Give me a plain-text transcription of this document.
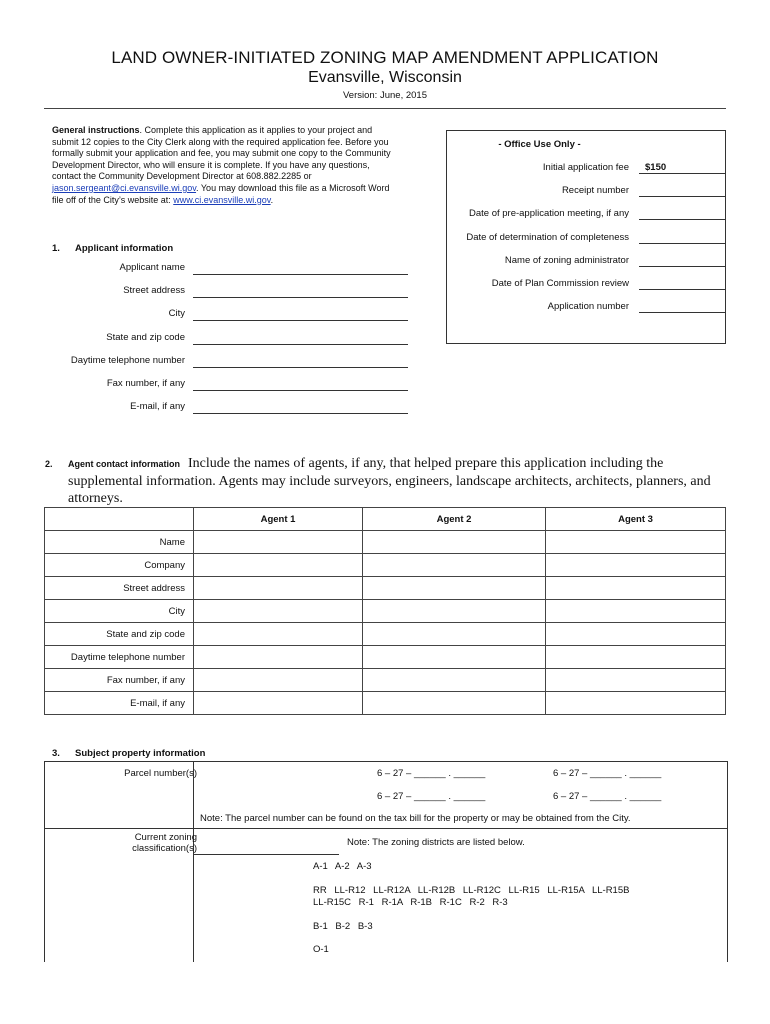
LAND OWNER-INITIATED ZONING MAP AMENDMENT APPLICATION
Evansville, Wisconsin
Version: June, 2015
General instructions. Complete this application as it applies to your project and submit 12 copies to the City Clerk along with the required application fee. Before you formally submit your application and fee, you may submit one copy to the Community Development Director, who will ensure it is complete. If you have any questions, contact the Community Development Director at 608.882.2285 or jason.sergeant@ci.evansville.wi.gov. You may download this file as a Microsoft Word file off of the City’s website at: www.ci.evansville.wi.gov.
- Office Use Only -
Initial application fee $150
Receipt number
Date of pre-application meeting, if any
Date of determination of completeness
Name of zoning administrator
Date of Plan Commission review
Application number
1. Applicant information
Applicant name
Street address
City
State and zip code
Daytime telephone number
Fax number, if any
E-mail, if any
2. Agent contact information Include the names of agents, if any, that helped prepare this application including the supplemental information. Agents may include surveyors, engineers, landscape architects, architects, planners, and attorneys.
	Agent 1	Agent 2	Agent 3
Name			
Company			
Street address			
City			
State and zip code			
Daytime telephone number			
Fax number, if any			
E-mail, if any			
3. Subject property information
Parcel number(s)	6 – 27 – ______ . ______	6 – 27 – ______ . ______
6 – 27 – ______ . ______	6 – 27 – ______ . ______
Note: The parcel number can be found on the tax bill for the property or may be obtained from the City.
Current zoning
classification(s)
Note: The zoning districts are listed below.
A-1 A-2 A-3
RR LL-R12 LL-R12A LL-R12B LL-R12C LL-R15 LL-R15A LL-R15B
LL-R15C R-1 R-1A R-1B R-1C R-2 R-3
B-1 B-2 B-3
O-1
